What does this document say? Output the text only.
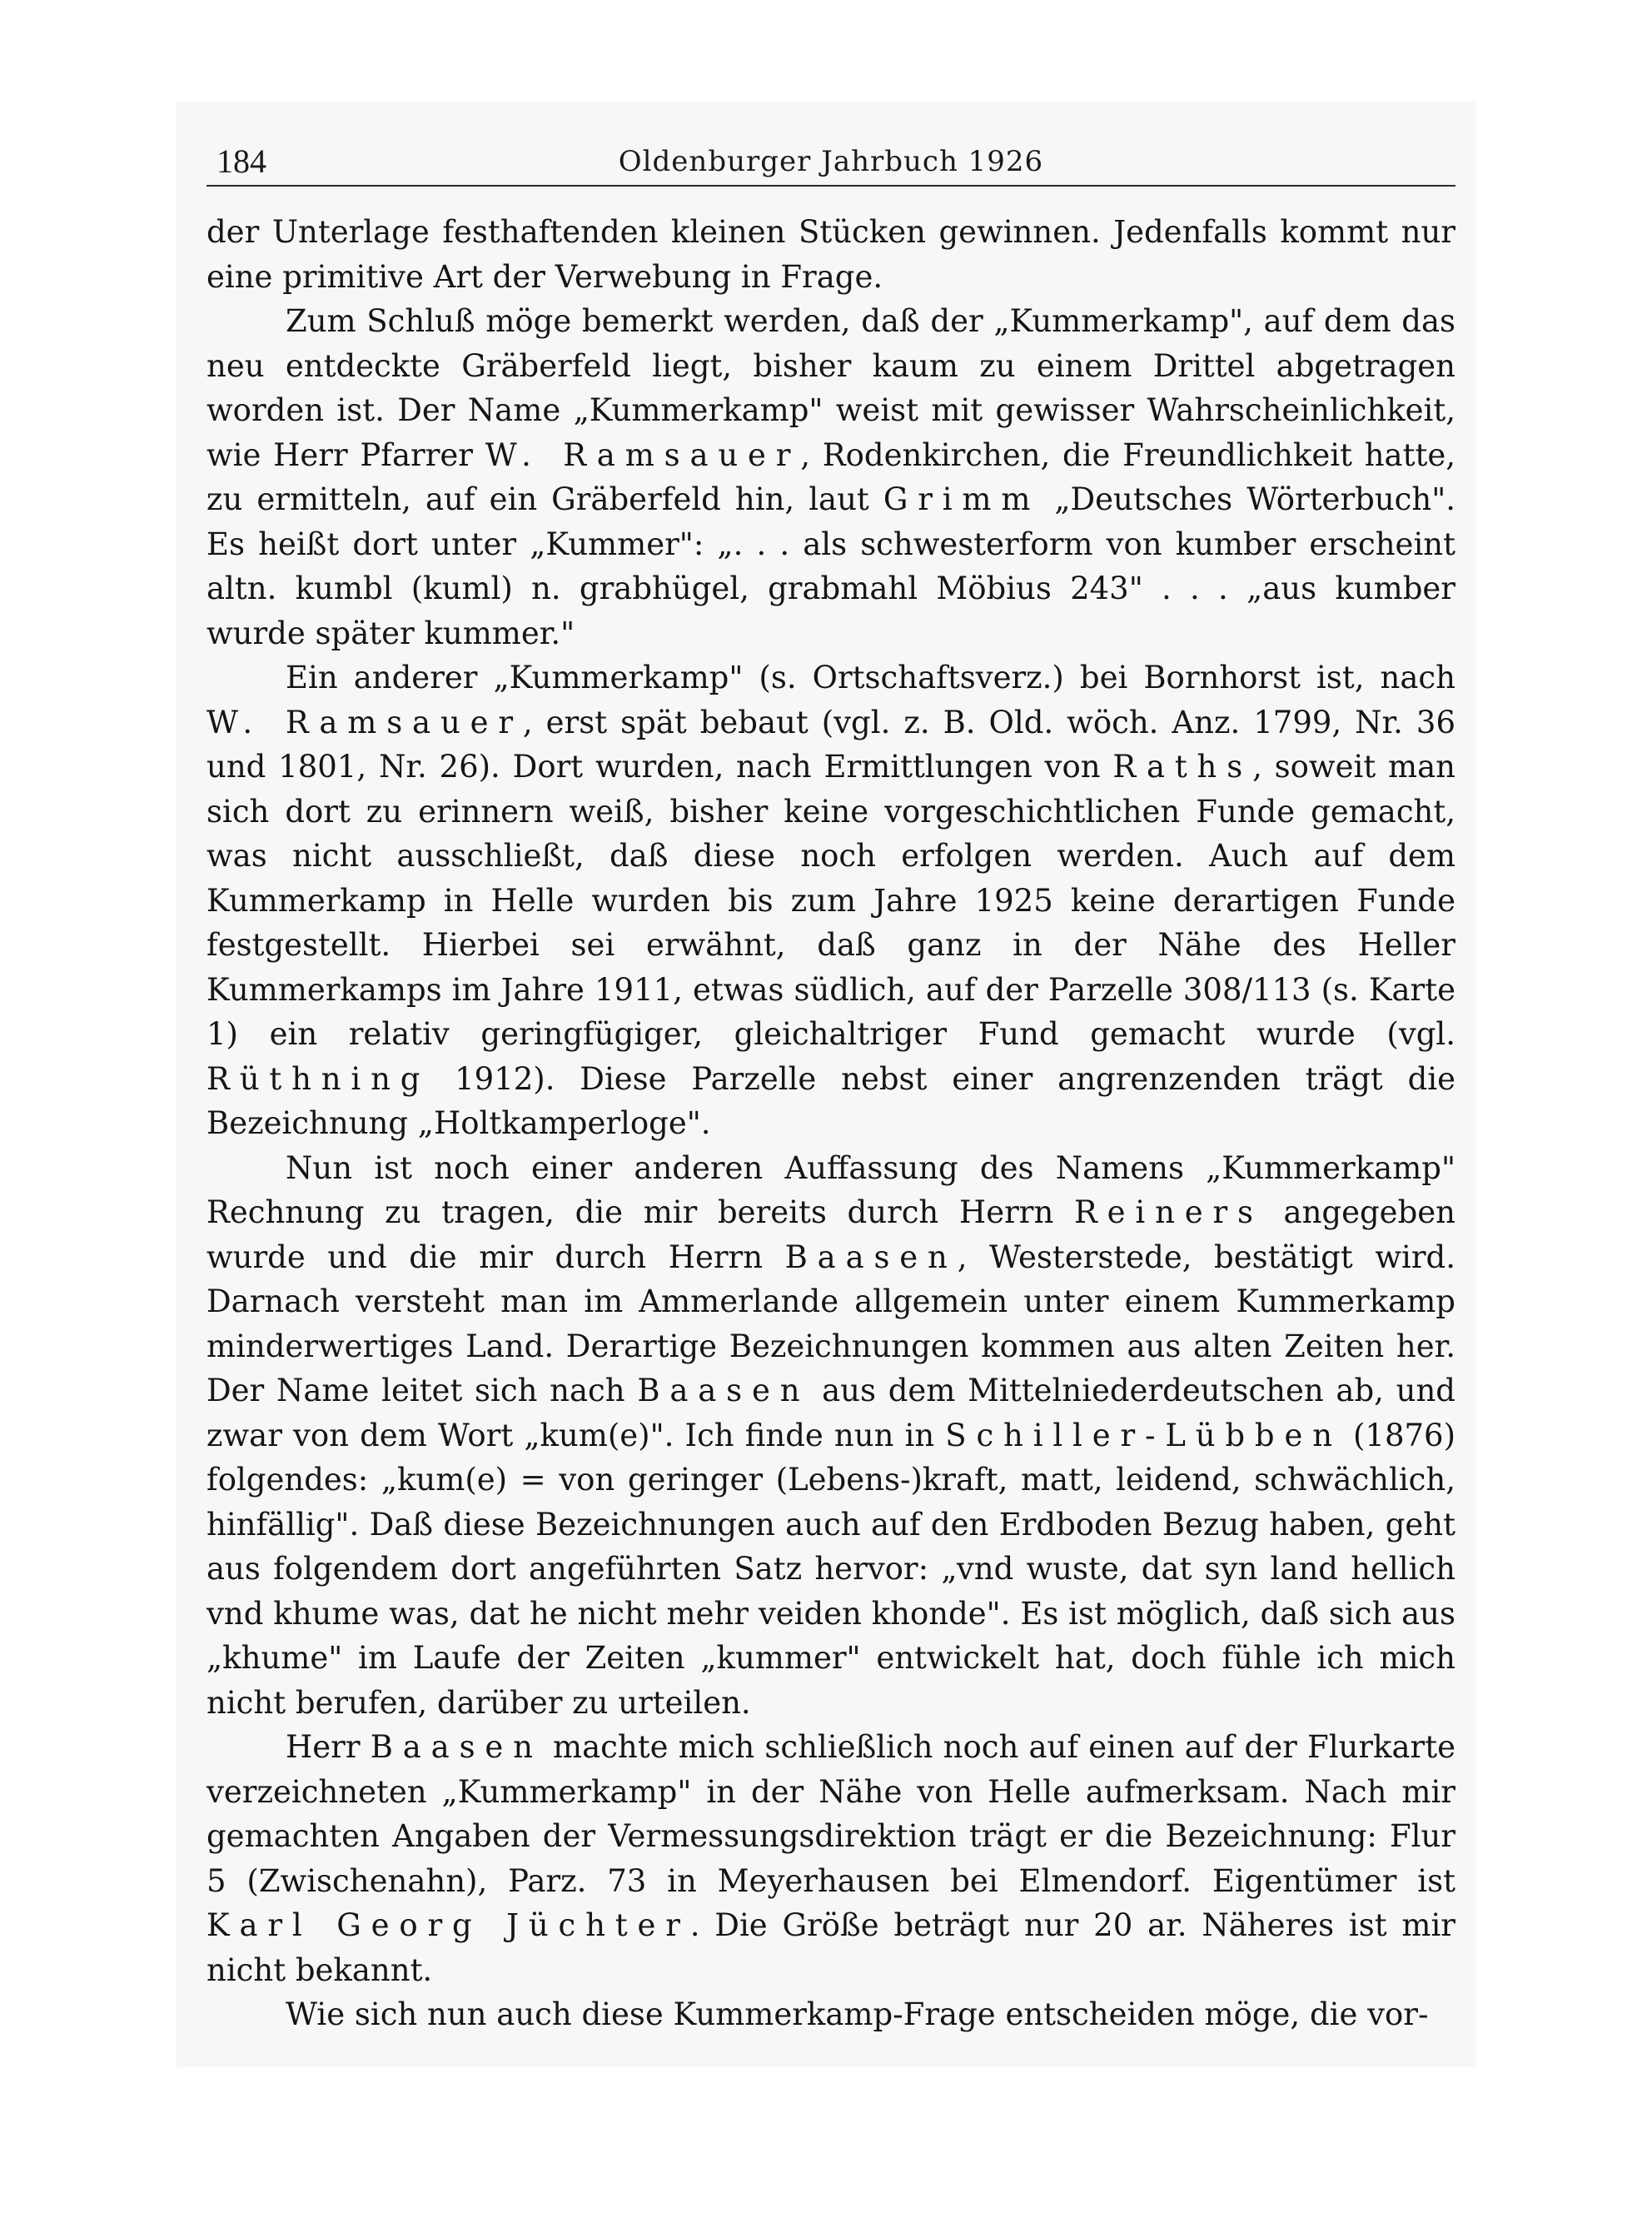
184	Oldenburger Jahrbuch 1926

der Unterlage festhaftenden kleinen Stücken gewinnen. Jedenfalls kommt nur eine primitive Art der Verwebung in Frage.

Zum Schluß möge bemerkt werden, daß der „Kummerkamp", auf dem das neu entdeckte Gräberfeld liegt, bisher kaum zu einem Drittel abgetragen worden ist. Der Name „Kummerkamp" weist mit gewisser Wahrscheinlichkeit, wie Herr Pfarrer W. Ramsauer, Rodenkirchen, die Freundlichkeit hatte, zu ermitteln, auf ein Gräberfeld hin, laut Grimm „Deutsches Wörterbuch". Es heißt dort unter „Kummer": „. . . als schwesterform von kumber erscheint altn. kumbl (kuml) n. grabhügel, grabmahl Möbius 243" . . . „aus kumber wurde später kummer."

Ein anderer „Kummerkamp" (s. Ortschaftsverz.) bei Bornhorst ist, nach W. Ramsauer, erst spät bebaut (vgl. z. B. Old. wöch. Anz. 1799, Nr. 36 und 1801, Nr. 26). Dort wurden, nach Ermittlungen von Raths, soweit man sich dort zu erinnern weiß, bisher keine vorgeschichtlichen Funde gemacht, was nicht ausschließt, daß diese noch erfolgen werden. Auch auf dem Kummerkamp in Helle wurden bis zum Jahre 1925 keine derartigen Funde festgestellt. Hierbei sei erwähnt, daß ganz in der Nähe des Heller Kummerkamps im Jahre 1911, etwas südlich, auf der Parzelle 308/113 (s. Karte 1) ein relativ geringfügiger, gleichaltriger Fund gemacht wurde (vgl. Rüthning 1912). Diese Parzelle nebst einer angrenzenden trägt die Bezeichnung „Holtkamperloge".

Nun ist noch einer anderen Auffassung des Namens „Kummerkamp" Rechnung zu tragen, die mir bereits durch Herrn Reiners angegeben wurde und die mir durch Herrn Baasen, Westerstede, bestätigt wird. Darnach versteht man im Ammerlande allgemein unter einem Kummerkamp minderwertiges Land. Derartige Bezeichnungen kommen aus alten Zeiten her. Der Name leitet sich nach Baasen aus dem Mittelniederdeutschen ab, und zwar von dem Wort „kum(e)". Ich finde nun in Schiller-Lübben (1876) folgendes: „kum(e) = von geringer (Lebens-)kraft, matt, leidend, schwächlich, hinfällig". Daß diese Bezeichnungen auch auf den Erdboden Bezug haben, geht aus folgendem dort angeführten Satz hervor: „vnd wuste, dat syn land hellich vnd khume was, dat he nicht mehr veiden khonde". Es ist möglich, daß sich aus „khume" im Laufe der Zeiten „kummer" entwickelt hat, doch fühle ich mich nicht berufen, darüber zu urteilen.

Herr Baasen machte mich schließlich noch auf einen auf der Flurkarte verzeichneten „Kummerkamp" in der Nähe von Helle aufmerksam. Nach mir gemachten Angaben der Vermessungsdirektion trägt er die Bezeichnung: Flur 5 (Zwischenahn), Parz. 73 in Meyerhausen bei Elmendorf. Eigentümer ist Karl Georg Jüchter. Die Größe beträgt nur 20 ar. Näheres ist mir nicht bekannt.

Wie sich nun auch diese Kummerkamp-Frage entscheiden möge, die vor-
